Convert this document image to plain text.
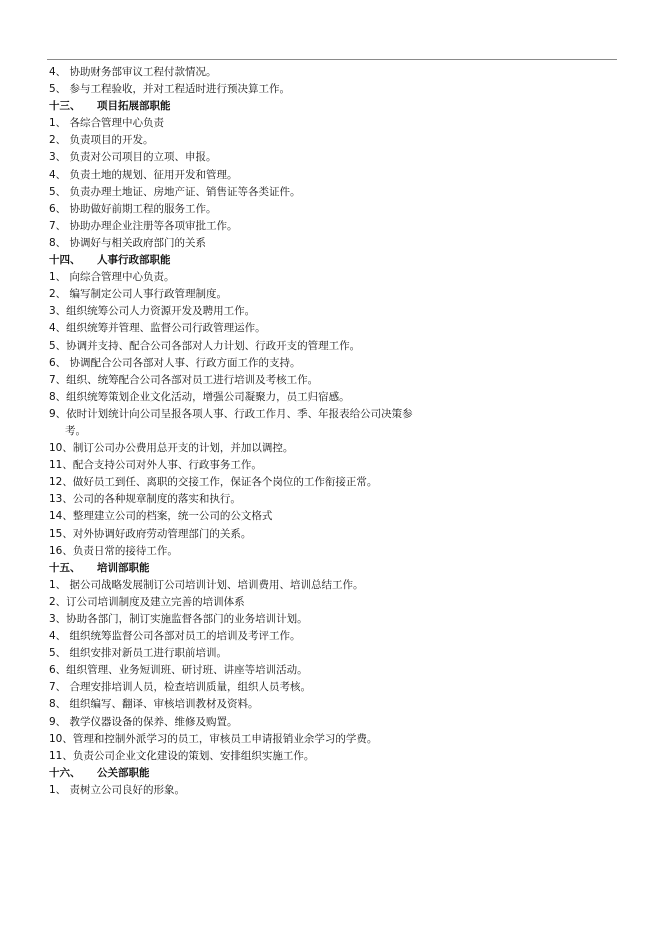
4、 协助财务部审议工程付款情况。
5、 参与工程验收，并对工程适时进行预决算工作。
十三、 项目拓展部职能
1、 各综合管理中心负责
2、 负责项目的开发。
3、 负责对公司项目的立项、申报。
4、 负责土地的规划、征用开发和管理。
5、 负责办理土地证、房地产证、销售证等各类证件。
6、 协助做好前期工程的服务工作。
7、 协助办理企业注册等各项审批工作。
8、 协调好与相关政府部门的关系
十四、 人事行政部职能
1、 向综合管理中心负责。
2、 编写制定公司人事行政管理制度。
3、组织统筹公司人力资源开发及聘用工作。
4、组织统筹并管理、监督公司行政管理运作。
5、协调并支持、配合公司各部对人力计划、行政开支的管理工作。
6、 协调配合公司各部对人事、行政方面工作的支持。
7、组织、统筹配合公司各部对员工进行培训及考核工作。
8、组织统筹策划企业文化活动，增强公司凝聚力，员工归宿感。
9、依时计划统计向公司呈报各项人事、行政工作月、季、年报表给公司决策参
考。
10、制订公司办公费用总开支的计划，并加以调控。
11、配合支持公司对外人事、行政事务工作。
12、做好员工到任、离职的交接工作，保证各个岗位的工作衔接正常。
13、公司的各种规章制度的落实和执行。
14、整理建立公司的档案，统一公司的公文格式
15、对外协调好政府劳动管理部门的关系。
16、负责日常的接待工作。
十五、 培训部职能
1、 据公司战略发展制订公司培训计划、培训费用、培训总结工作。
2、订公司培训制度及建立完善的培训体系
3、协助各部门，制订实施监督各部门的业务培训计划。
4、 组织统筹监督公司各部对员工的培训及考评工作。
5、 组织安排对新员工进行职前培训。
6、组织管理、业务短训班、研讨班、讲座等培训活动。
7、 合理安排培训人员，检查培训质量，组织人员考核。
8、 组织编写、翻译、审核培训教材及资料。
9、 教学仪器设备的保养、维修及购置。
10、管理和控制外派学习的员工，审核员工申请报销业余学习的学费。
11、负责公司企业文化建设的策划、安排组织实施工作。
十六、 公关部职能
1、 责树立公司良好的形象。
